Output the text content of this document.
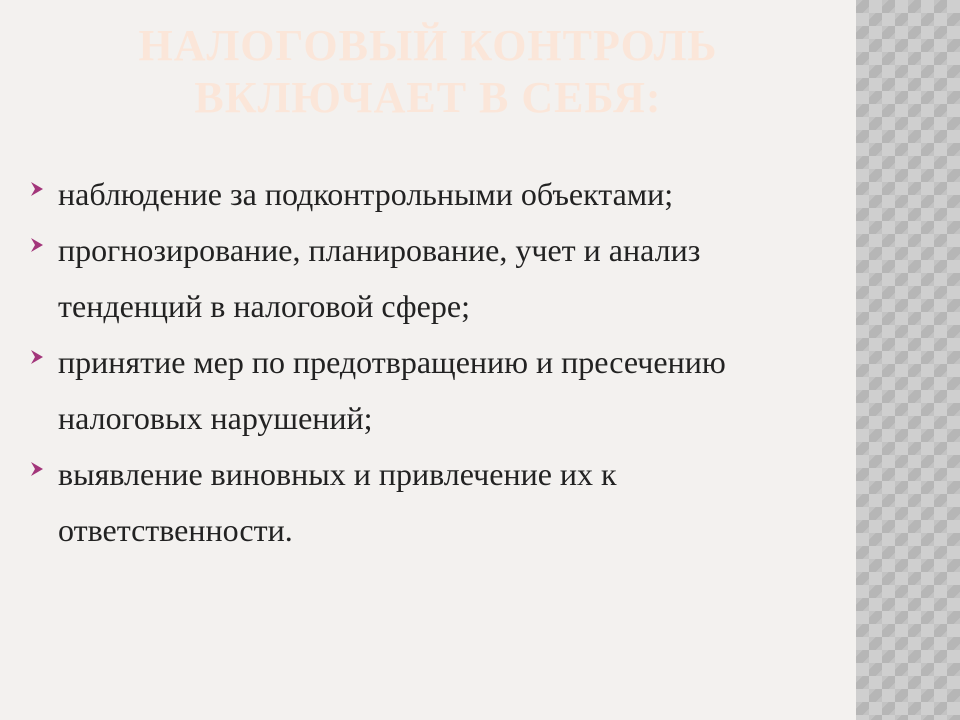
НАЛОГОВЫЙ КОНТРОЛЬ
ВКЛЮЧАЕТ В СЕБЯ:
наблюдение за подконтрольными объектами;
прогнозирование, планирование, учет и анализ тенденций в налоговой сфере;
принятие мер по предотвращению и пресечению налоговых нарушений;
выявление виновных и привлечение их к ответственности.
